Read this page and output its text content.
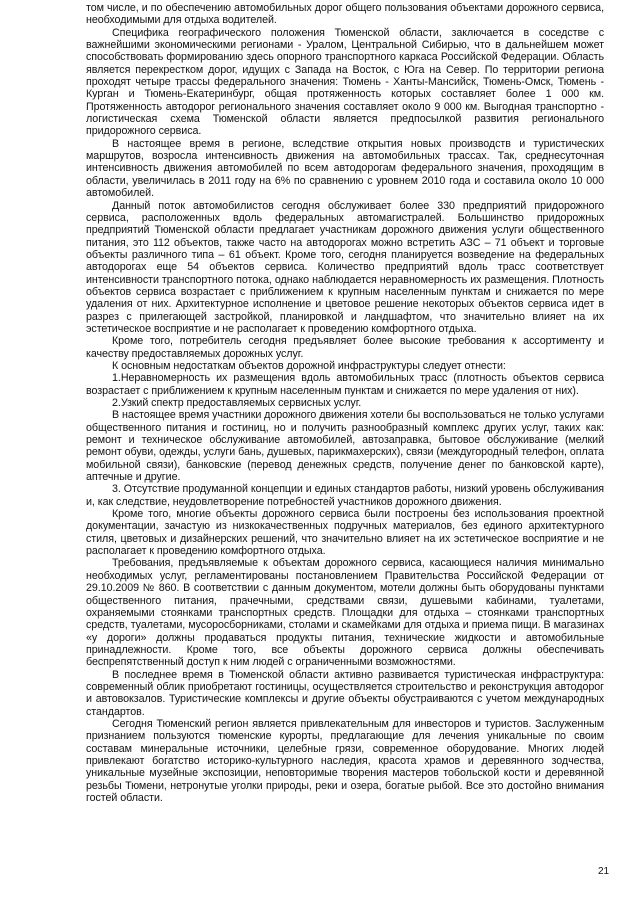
том числе, и по обеспечению автомобильных дорог общего пользования объектами дорожного сервиса, необходимыми для отдыха водителей.

Специфика географического положения Тюменской области, заключается в соседстве с важнейшими экономическими регионами - Уралом, Центральной Сибирью, что в дальнейшем может способствовать формированию здесь опорного транспортного каркаса Российской Федерации. Область является перекрестком дорог, идущих с Запада на Восток, с Юга на Север. По территории региона проходят четыре трассы федерального значения: Тюмень - Ханты-Мансийск, Тюмень-Омск, Тюмень - Курган и Тюмень-Екатеринбург, общая протяженность которых составляет более 1 000 км. Протяженность автодорог регионального значения составляет около 9 000 км. Выгодная транспортно - логистическая схема Тюменской области является предпосылкой развития регионального придорожного сервиса.

В настоящее время в регионе, вследствие открытия новых производств и туристических маршрутов, возросла интенсивность движения на автомобильных трассах. Так, среднесуточная интенсивность движения автомобилей по всем автодорогам федерального значения, проходящим в области, увеличилась в 2011 году на 6% по сравнению с уровнем 2010 года и составила около 10 000 автомобилей.

Данный поток автомобилистов сегодня обслуживает более 330 предприятий придорожного сервиса, расположенных вдоль федеральных автомагистралей. Большинство придорожных предприятий Тюменской области предлагает участникам дорожного движения услуги общественного питания, это 112 объектов, также часто на автодорогах можно встретить АЗС – 71 объект и торговые объекты различного типа – 61 объект. Кроме того, сегодня планируется возведение на федеральных автодорогах еще 54 объектов сервиса. Количество предприятий вдоль трасс соответствует интенсивности транспортного потока, однако наблюдается неравномерность их размещения. Плотность объектов сервиса возрастает с приближением к крупным населенным пунктам и снижается по мере удаления от них. Архитектурное исполнение и цветовое решение некоторых объектов сервиса идет в разрез с прилегающей застройкой, планировкой и ландшафтом, что значительно влияет на их эстетическое восприятие и не располагает к проведению комфортного отдыха.

Кроме того, потребитель сегодня предъявляет более высокие требования к ассортименту и качеству предоставляемых дорожных услуг.

К основным недостаткам объектов дорожной инфраструктуры следует отнести:

1.Неравномерность их размещения вдоль автомобильных трасс (плотность объектов сервиса возрастает с приближением к крупным населенным пунктам и снижается по мере удаления от них).

2.Узкий спектр предоставляемых сервисных услуг.

В настоящее время участники дорожного движения хотели бы воспользоваться не только услугами общественного питания и гостиниц, но и получить разнообразный комплекс других услуг, таких как: ремонт и техническое обслуживание автомобилей, автозаправка, бытовое обслуживание (мелкий ремонт обуви, одежды, услуги бань, душевых, парикмахерских), связи (междугородный телефон, оплата мобильной связи), банковские (перевод денежных средств, получение денег по банковской карте), аптечные и другие.

3. Отсутствие продуманной концепции и единых стандартов работы, низкий уровень обслуживания и, как следствие, неудовлетворение потребностей участников дорожного движения.

Кроме того, многие объекты дорожного сервиса были построены без использования проектной документации, зачастую из низкокачественных подручных материалов, без единого архитектурного стиля, цветовых и дизайнерских решений, что значительно влияет на их эстетическое восприятие и не располагает к проведению комфортного отдыха.

Требования, предъявляемые к объектам дорожного сервиса, касающиеся наличия минимально необходимых услуг, регламентированы постановлением Правительства Российской Федерации от 29.10.2009 № 860. В соответствии с данным документом, мотели должны быть оборудованы пунктами общественного питания, прачечными, средствами связи, душевыми кабинами, туалетами, охраняемыми стоянками транспортных средств. Площадки для отдыха – стоянками транспортных средств, туалетами, мусоросборниками, столами и скамейками для отдыха и приема пищи. В магазинах «у дороги» должны продаваться продукты питания, технические жидкости и автомобильные принадлежности. Кроме того, все объекты дорожного сервиса должны обеспечивать беспрепятственный доступ к ним людей с ограниченными возможностями.

В последнее время в Тюменской области активно развивается туристическая инфраструктура: современный облик приобретают гостиницы, осуществляется строительство и реконструкция автодорог и автовокзалов. Туристические комплексы и другие объекты обустраиваются с учетом международных стандартов.

Сегодня Тюменский регион является привлекательным для инвесторов и туристов. Заслуженным признанием пользуются тюменские курорты, предлагающие для лечения уникальные по своим составам минеральные источники, целебные грязи, современное оборудование. Многих людей привлекают богатство историко-культурного наследия, красота храмов и деревянного зодчества, уникальные музейные экспозиции, неповторимые творения мастеров тобольской кости и деревянной резьбы Тюмени, нетронутые уголки природы, реки и озера, богатые рыбой. Все это достойно внимания гостей области.

21
